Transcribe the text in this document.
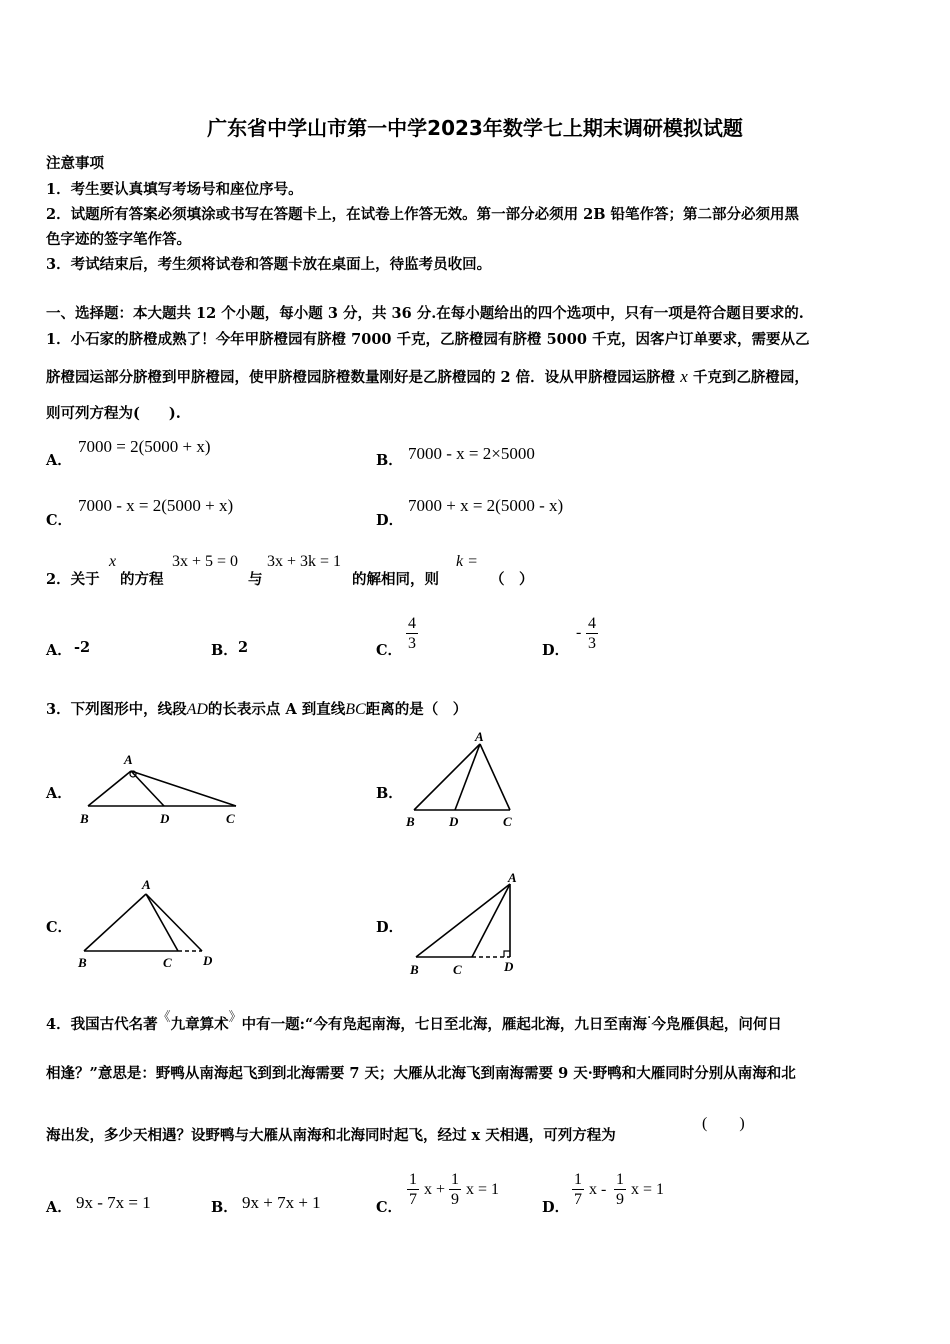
广东省中学山市第一中学2023年数学七上期末调研模拟试题
注意事项
1．考生要认真填写考场号和座位序号。
2．试题所有答案必须填涂或书写在答题卡上，在试卷上作答无效。第一部分必须用 2B 铅笔作答；第二部分必须用黑
色字迹的签字笔作答。
3．考试结束后，考生须将试卷和答题卡放在桌面上，待监考员收回。
一、选择题：本大题共 12 个小题，每小题 3 分，共 36 分.在每小题给出的四个选项中，只有一项是符合题目要求的.
1．小石家的脐橙成熟了！今年甲脐橙园有脐橙 7000 千克，乙脐橙园有脐橙 5000 千克，因客户订单要求，需要从乙
脐橙园运部分脐橙到甲脐橙园，使甲脐橙园脐橙数量刚好是乙脐橙园的 2 倍．设从甲脐橙园运脐橙 x 千克到乙脐橙园，
则可列方程为(　　).
A．
7000 = 2(5000 + x)
B． 7000 - x = 2×5000
C．
7000 - x = 2(5000 + x)
D．
7000 + x = 2(5000 - x)
2．关于
x
的方程
3x + 5 = 0
与
3x + 3k = 1
的解相同，则
k =
（　）
A． -2	B． 2	C． $\frac{4}{3}$	D．
- $\frac{4}{3}$
3．下列图形中，线段AD的长表示点 A 到直线BC距离的是（　）
A．
A
B	D	C
B．
A
B	D	C
C．
A
B	C D
D．
A
B	C	D
4．我国古代名著《九章算术》中有一题:“今有凫起南海，七日至北海，雁起北海，九日至南海·今凫雁俱起，问何日
相逢？”意思是：野鸭从南海起飞到到北海需要 7 天；大雁从北海飞到南海需要 9 天·野鸭和大雁同时分别从南海和北
海出发，多少天相遇？设野鸭与大雁从南海和北海同时起飞，经过 x 天相遇，可列方程为
(　　)
A． 9x - 7x = 1	B． 9x + 7x + 1	C． $\frac{1}{7}$ $x + \frac{1}{9}$ x = 1
D． $\frac{1}{7}$ x - $\frac{1}{9}$ x = 1
